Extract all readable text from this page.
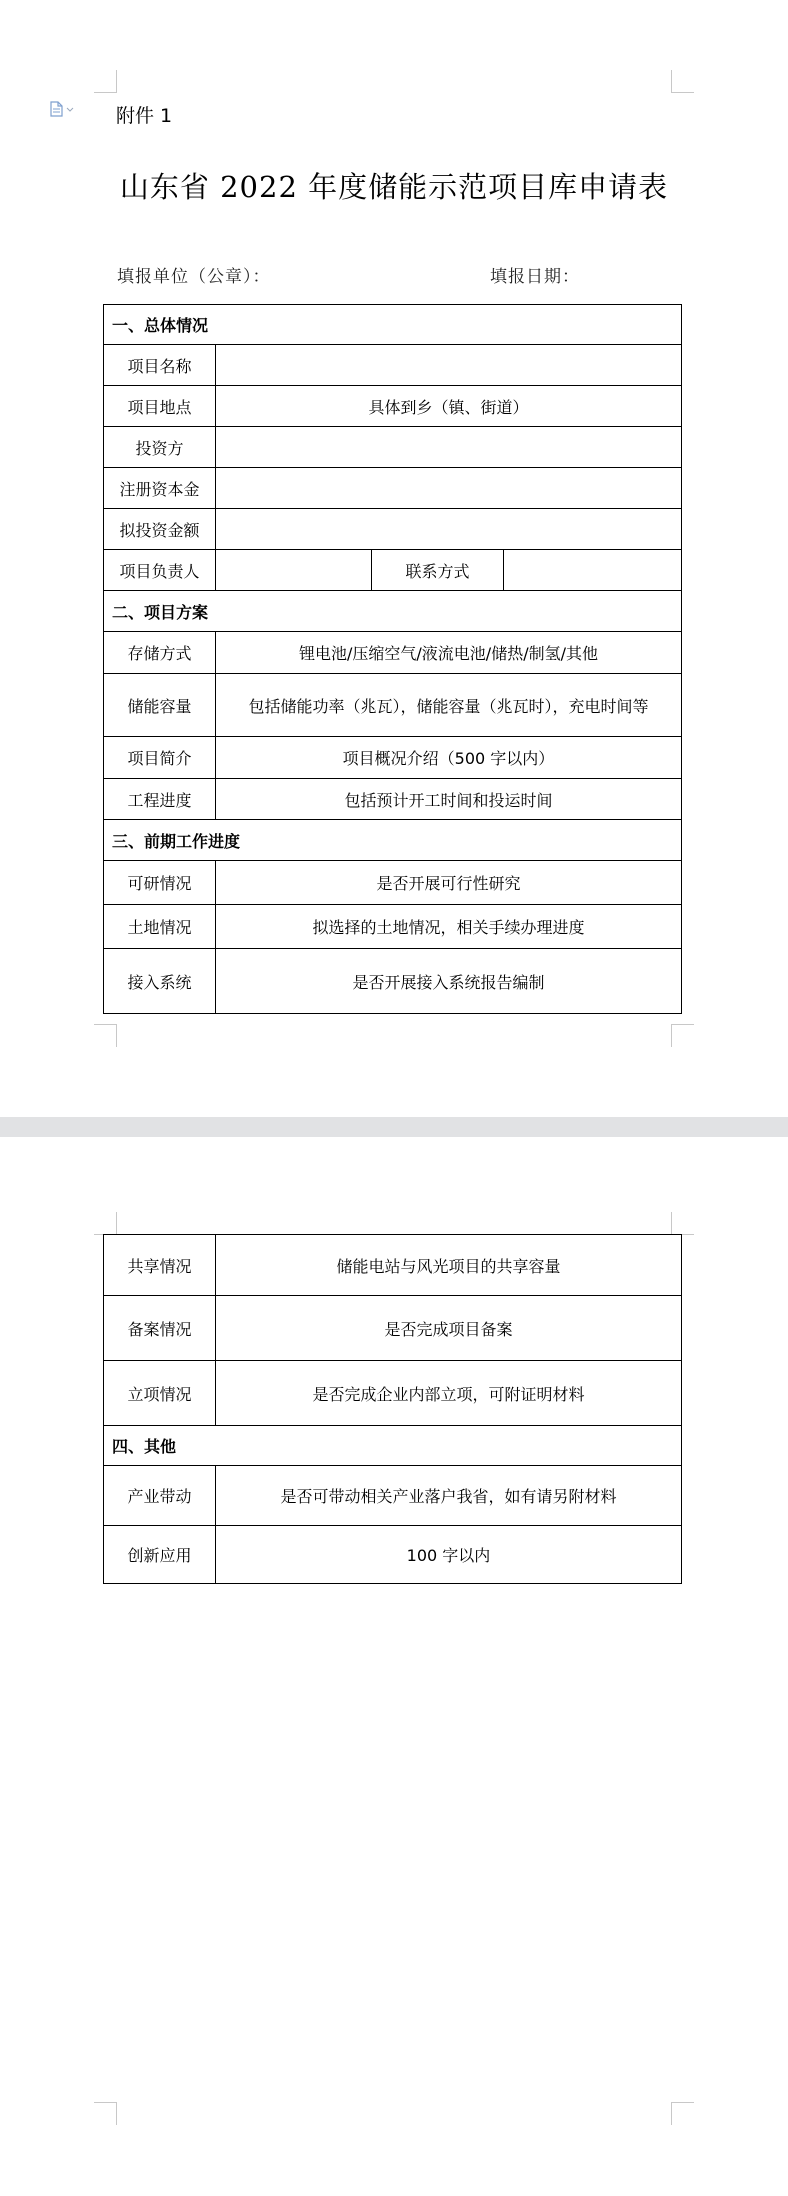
附件 1
山东省 2022 年度储能示范项目库申请表
填报单位（公章）：	填报日期：
一、总体情况			
项目名称			
项目地点	具体到乡（镇、街道）		
投资方			
注册资本金			
拟投资金额			
项目负责人		联系方式	
二、项目方案			
存储方式	锂电池/压缩空气/液流电池/储热/制氢/其他		
储能容量	包括储能功率（兆瓦），储能容量（兆瓦时），充电时间等		
项目简介	项目概况介绍（500 字以内）		
工程进度	包括预计开工时间和投运时间		
三、前期工作进度			
可研情况	是否开展可行性研究		
土地情况	拟选择的土地情况，相关手续办理进度		
接入系统	是否开展接入系统报告编制		
共享情况	储能电站与风光项目的共享容量
备案情况	是否完成项目备案
立项情况	是否完成企业内部立项，可附证明材料
四、其他	
产业带动	是否可带动相关产业落户我省，如有请另附材料
创新应用	100 字以内
